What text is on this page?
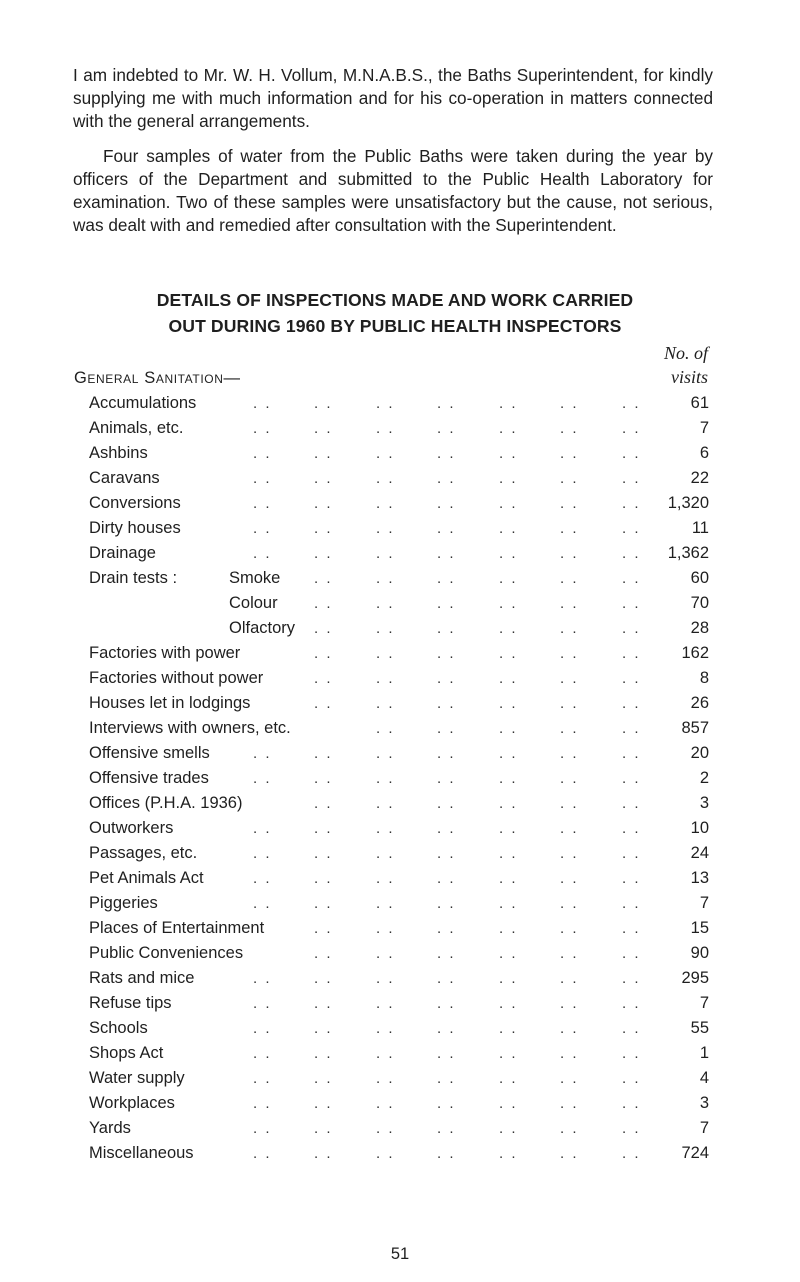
I am indebted to Mr. W. H. Vollum, M.N.A.B.S., the Baths Superintendent, for kindly supplying me with much information and for his co-operation in matters connected with the general arrangements.

Four samples of water from the Public Baths were taken during the year by officers of the Department and submitted to the Public Health Laboratory for examination. Two of these samples were unsatisfactory but the cause, not serious, was dealt with and remedied after consultation with the Superintendent.

DETAILS OF INSPECTIONS MADE AND WORK CARRIED
OUT DURING 1960 BY PUBLIC HEALTH INSPECTORS
No. of
visits
General Sanitation—
. .	. .	. .	. .	. .	. .	. .
Accumulations	61
. .	. .	. .	. .	. .	. .	. .
Animals, etc.	7
. .	. .	. .	. .	. .	. .	. .
Ashbins	6
. .	. .	. .	. .	. .	. .	. .
Caravans	22
. .	. .	. .	. .	. .	. .	. .
Conversions	1,320
. .	. .	. .	. .	. .	. .	. .
Dirty houses	11
. .	. .	. .	. .	. .	. .	. .
Drainage	1,362
. .	. .	. .	. .	. .	. .
Drain tests :	Smoke	60
. .	. .	. .	. .	. .	. .
Colour	70
. .	. .	. .	. .	. .	. .
Olfactory	28
. .	. .	. .	. .	. .	. .
Factories with power	162
. .	. .	. .	. .	. .	. .
Factories without power	8
. .	. .	. .	. .	. .	. .
Houses let in lodgings	26
. .	. .	. .	. .	. .
Interviews with owners, etc.	857
. .	. .	. .	. .	. .	. .	. .
Offensive smells	20
. .	. .	. .	. .	. .	. .	. .
Offensive trades	2
. .	. .	. .	. .	. .	. .
Offices (P.H.A. 1936)	3
. .	. .	. .	. .	. .	. .	. .
Outworkers	10
. .	. .	. .	. .	. .	. .	. .
Passages, etc.	24
. .	. .	. .	. .	. .	. .	. .
Pet Animals Act	13
. .	. .	. .	. .	. .	. .	. .
Piggeries	7
. .	. .	. .	. .	. .	. .
Places of Entertainment	15
. .	. .	. .	. .	. .	. .
Public Conveniences	90
. .	. .	. .	. .	. .	. .	. .
Rats and mice	295
. .	. .	. .	. .	. .	. .	. .
Refuse tips	7
. .	. .	. .	. .	. .	. .	. .
Schools	55
. .	. .	. .	. .	. .	. .	. .
Shops Act	1
. .	. .	. .	. .	. .	. .	. .
Water supply	4
. .	. .	. .	. .	. .	. .	. .
Workplaces	3
. .	. .	. .	. .	. .	. .	. .
Yards	7
. .	. .	. .	. .	. .	. .	. .
Miscellaneous	724
51
